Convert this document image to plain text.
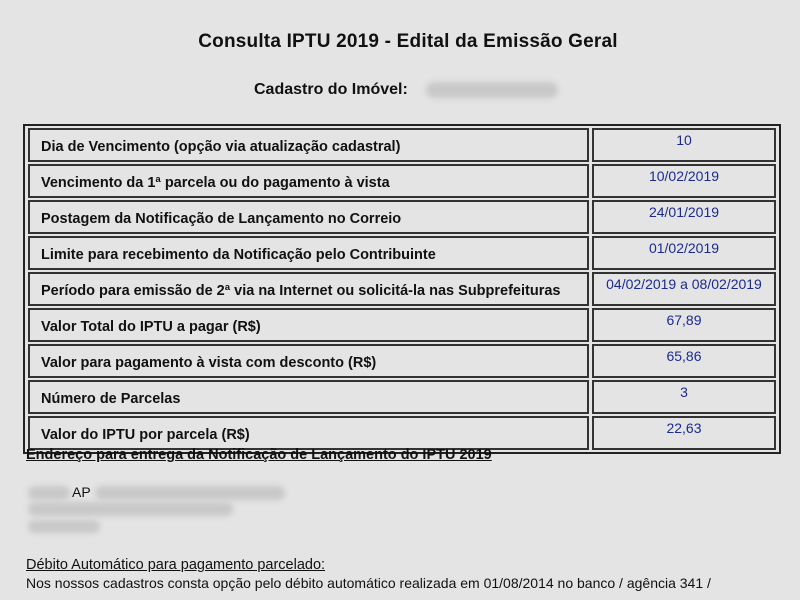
Consulta IPTU 2019 - Edital da Emissão Geral
Cadastro do Imóvel:
Dia de Vencimento (opção via atualização cadastral)	10
Vencimento da 1ª parcela ou do pagamento à vista	10/02/2019
Postagem da Notificação de Lançamento no Correio	24/01/2019
Limite para recebimento da Notificação pelo Contribuinte	01/02/2019
Período para emissão de 2ª via na Internet ou solicitá-la nas Subprefeituras	04/02/2019 a 08/02/2019
Valor Total do IPTU a pagar (R$)	67,89
Valor para pagamento à vista com desconto (R$)	65,86
Número de Parcelas	3
Valor do IPTU por parcela (R$)	22,63
Endereço para entrega da Notificação de Lançamento do IPTU 2019
AP
Débito Automático para pagamento parcelado:
Nos nossos cadastros consta opção pelo débito automático realizada em 01/08/2014 no banco / agência 341 /
